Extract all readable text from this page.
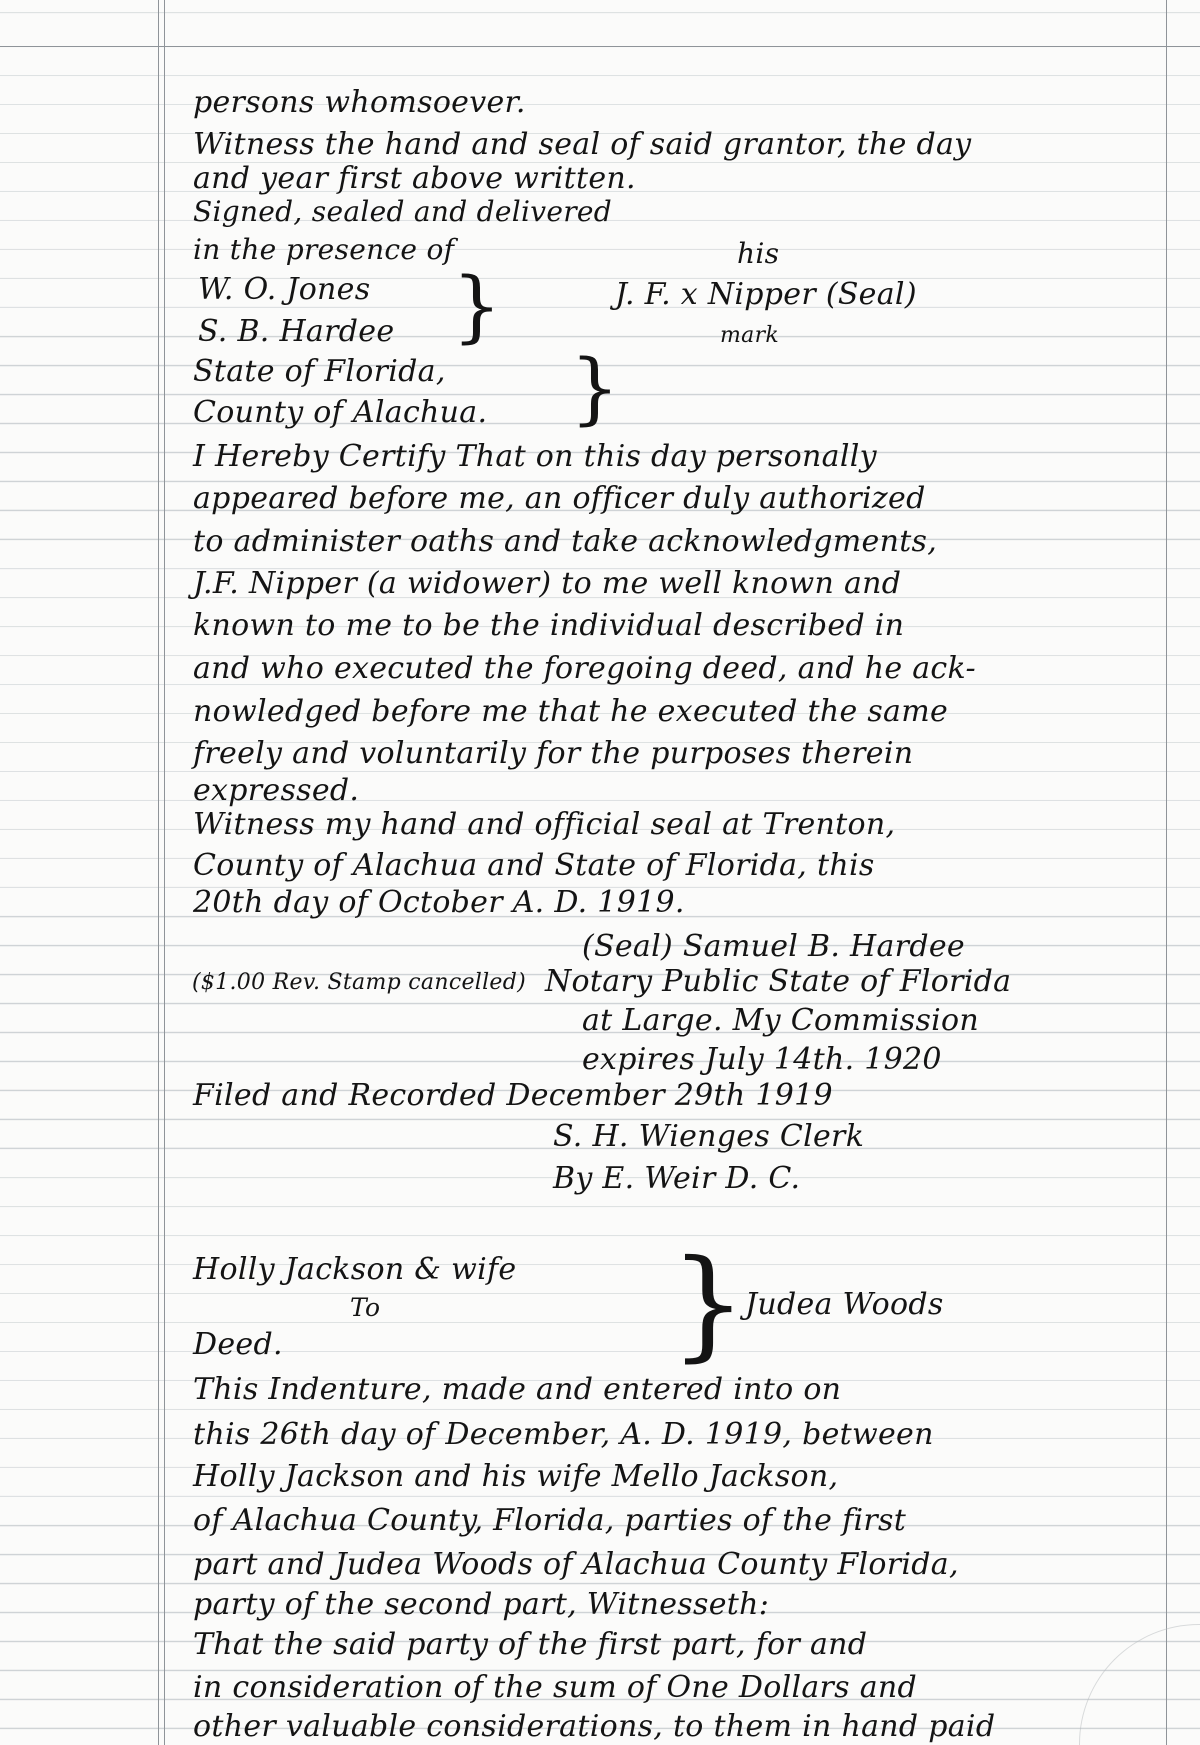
persons whomsoever.
Witness the hand and seal of said grantor, the day
and year first above written.
Signed, sealed and delivered
in the presence of
W. O. Jones
S. B. Hardee }
his
J. F. x Nipper (Seal)
mark
State of Florida,
County of Alachua. }
I Hereby Certify That on this day personally
appeared before me, an officer duly authorized
to administer oaths and take acknowledgments,
J.F. Nipper (a widower) to me well known and
known to me to be the individual described in
and who executed the foregoing deed, and he ack-
nowledged before me that he executed the same
freely and voluntarily for the purposes therein
expressed.
Witness my hand and official seal at Trenton,
County of Alachua and State of Florida, this
20th day of October A. D. 1919.
(Seal) Samuel B. Hardee
($1.00 Rev. Stamp cancelled) Notary Public State of Florida
at Large. My Commission
expires July 14th. 1920
Filed and Recorded December 29th 1919
S. H. Wienges Clerk
By E. Weir D. C.
Holly Jackson & wife
To
Deed.	}
Judea Woods
This Indenture, made and entered into on
this 26th day of December, A. D. 1919, between
Holly Jackson and his wife Mello Jackson,
of Alachua County, Florida, parties of the first
part and Judea Woods of Alachua County Florida,
party of the second part, Witnesseth:
That the said party of the first part, for and
in consideration of the sum of One Dollars and
other valuable considerations, to them in hand paid
